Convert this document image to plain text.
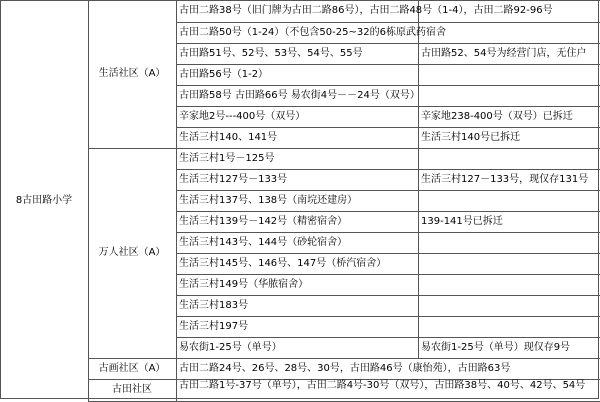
8古田路小学
生活社区（A）
古田二路38号（旧门牌为古田二路86号），古田二路48号（1-4），古田二路92-96号
古田二路50号（1-24）（不包含50-25~32的6栋原武药宿舍
古田路51号、52号、53号、54号、55号	古田路52、54号为经营门店，无住户
古田路56号（1-2）
古田路58号 古田路66号 易农街4号－－24号（双号）
辛家地2号---400号（双号）	辛家地238-400号（双号）已拆迁
生活三村140、141号	生活三村140号已拆迁
万人社区（A）
生活三村1号－125号
生活三村127号－133号	生活三村127－133号，现仅存131号
生活三村137号、138号（南垸还建房）
生活三村139号－142号（精密宿舍）	139-141号已拆迁
生活三村143号、144号（砂轮宿舍）
生活三村145号、146号、147号（桥汽宿舍）
生活三村149号（华脓宿舍）
生活三村183号
生活三村197号
易农街1-25号（单号）	易农街1-25号（单号）现仅存9号
古画社区（A）	古田二路24号、26号、28号、30号，古田路46号（康怡苑），古田路63号
古田社区	古田二路1号-37号（单号），古田二路4号-30号（双号），古田路38号、40号、42号、54号
